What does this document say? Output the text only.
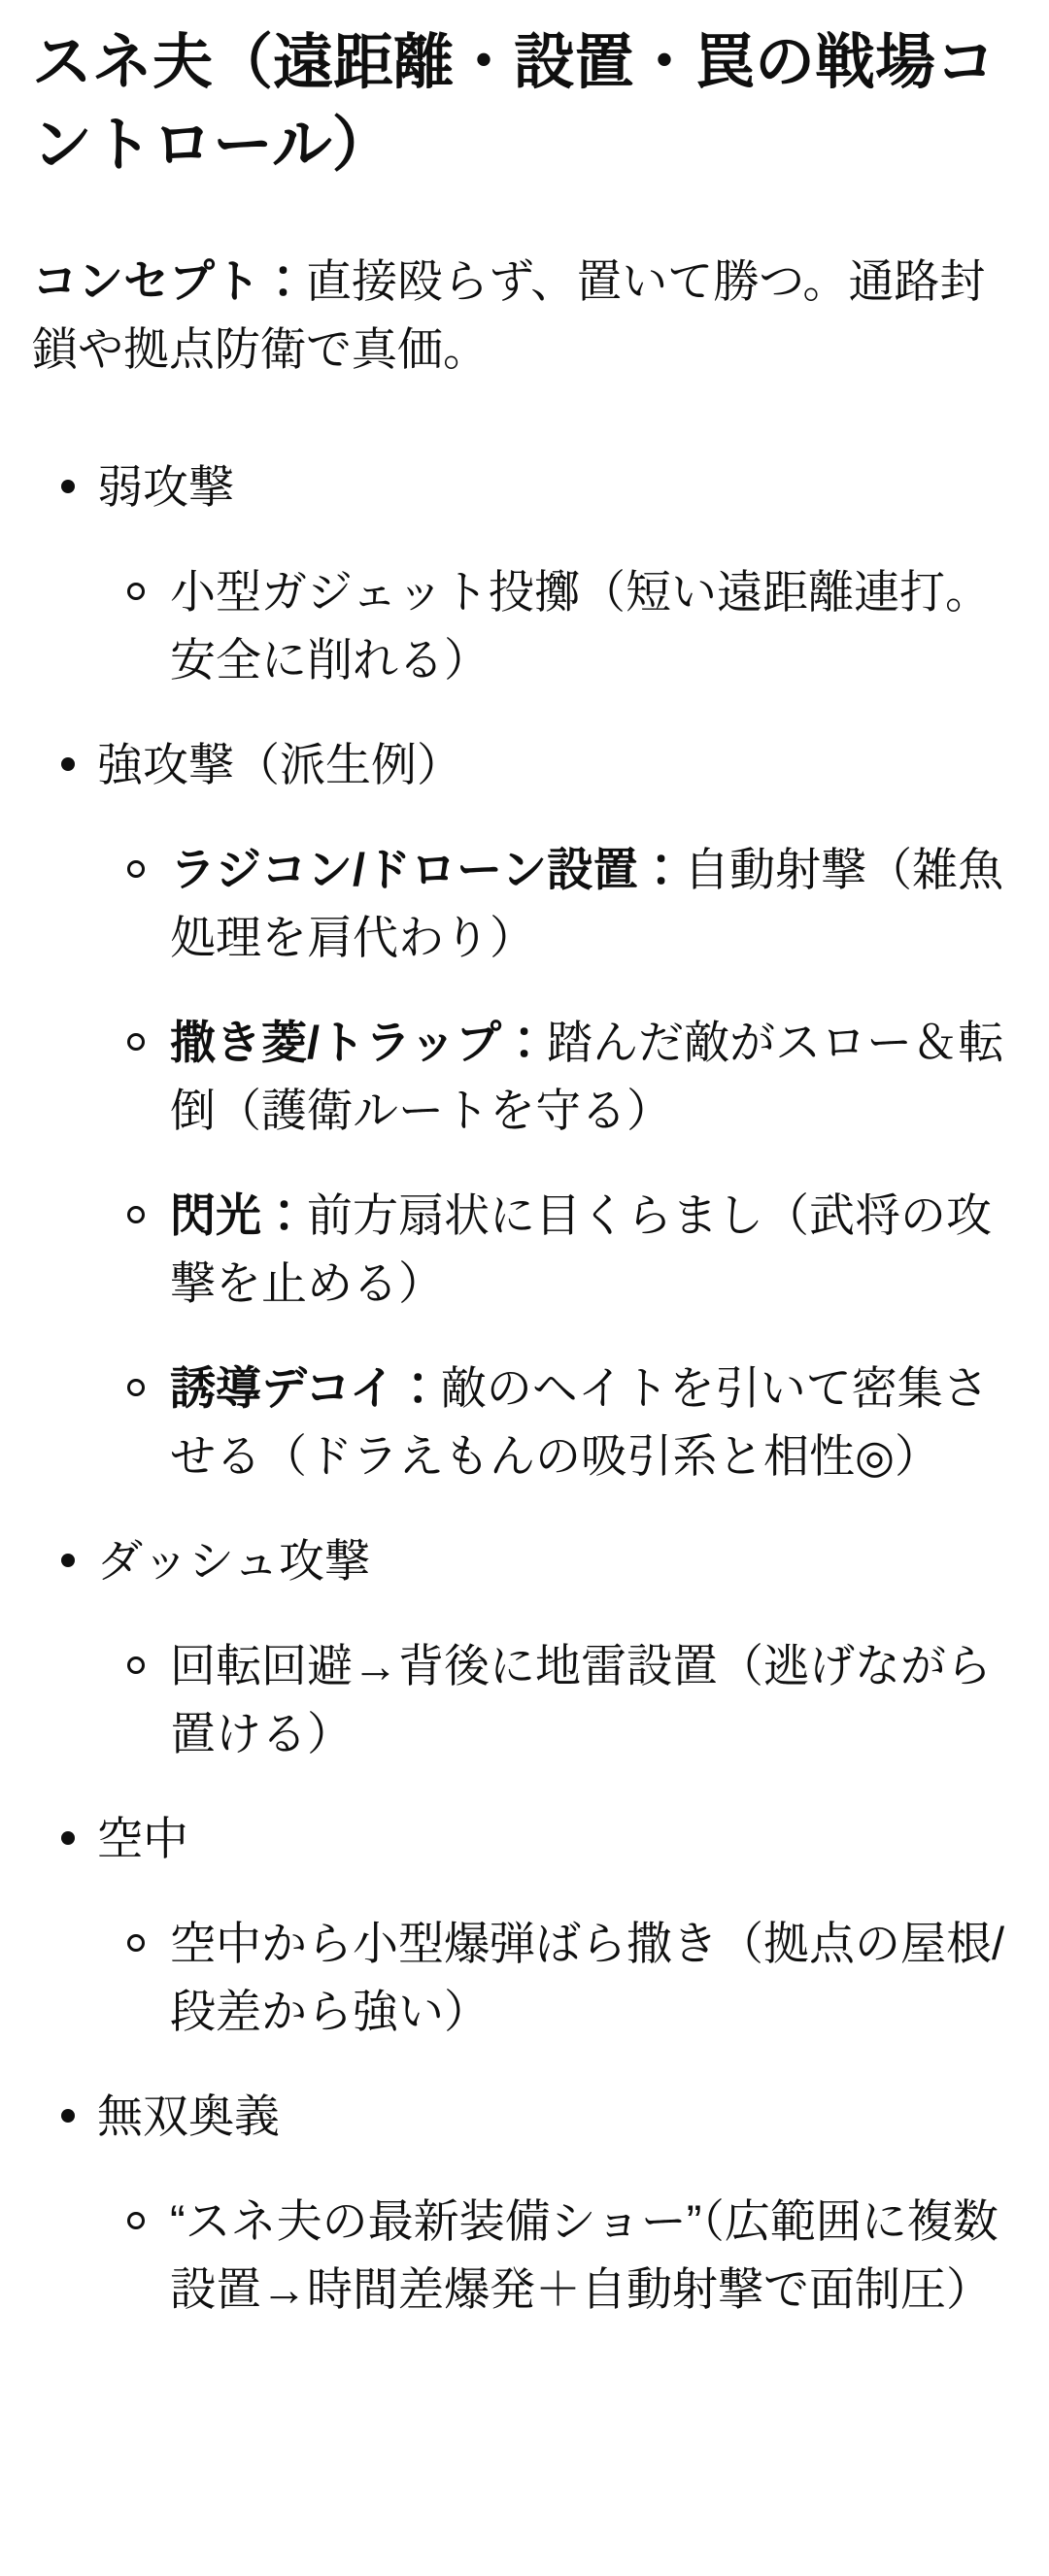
スネ夫（遠距離・設置・罠の戦場コントロール）

コンセプト：直接殴らず、置いて勝つ。通路封鎖や拠点防衛で真価。

弱攻撃
小型ガジェット投擲（短い遠距離連打。安全に削れる）
強攻撃（派生例）
ラジコン/ドローン設置：自動射撃（雑魚処理を肩代わり）
撒き菱/トラップ：踏んだ敵がスロー＆転倒（護衛ルートを守る）
閃光：前方扇状に目くらまし（武将の攻撃を止める）
誘導デコイ：敵のヘイトを引いて密集させる（ドラえもんの吸引系と相性◎）
ダッシュ攻撃
回転回避→背後に地雷設置（逃げながら置ける）
空中
空中から小型爆弾ばら撒き（拠点の屋根/段差から強い）
無双奥義
“スネ夫の最新装備ショー”（広範囲に複数設置→時間差爆発＋自動射撃で面制圧）
